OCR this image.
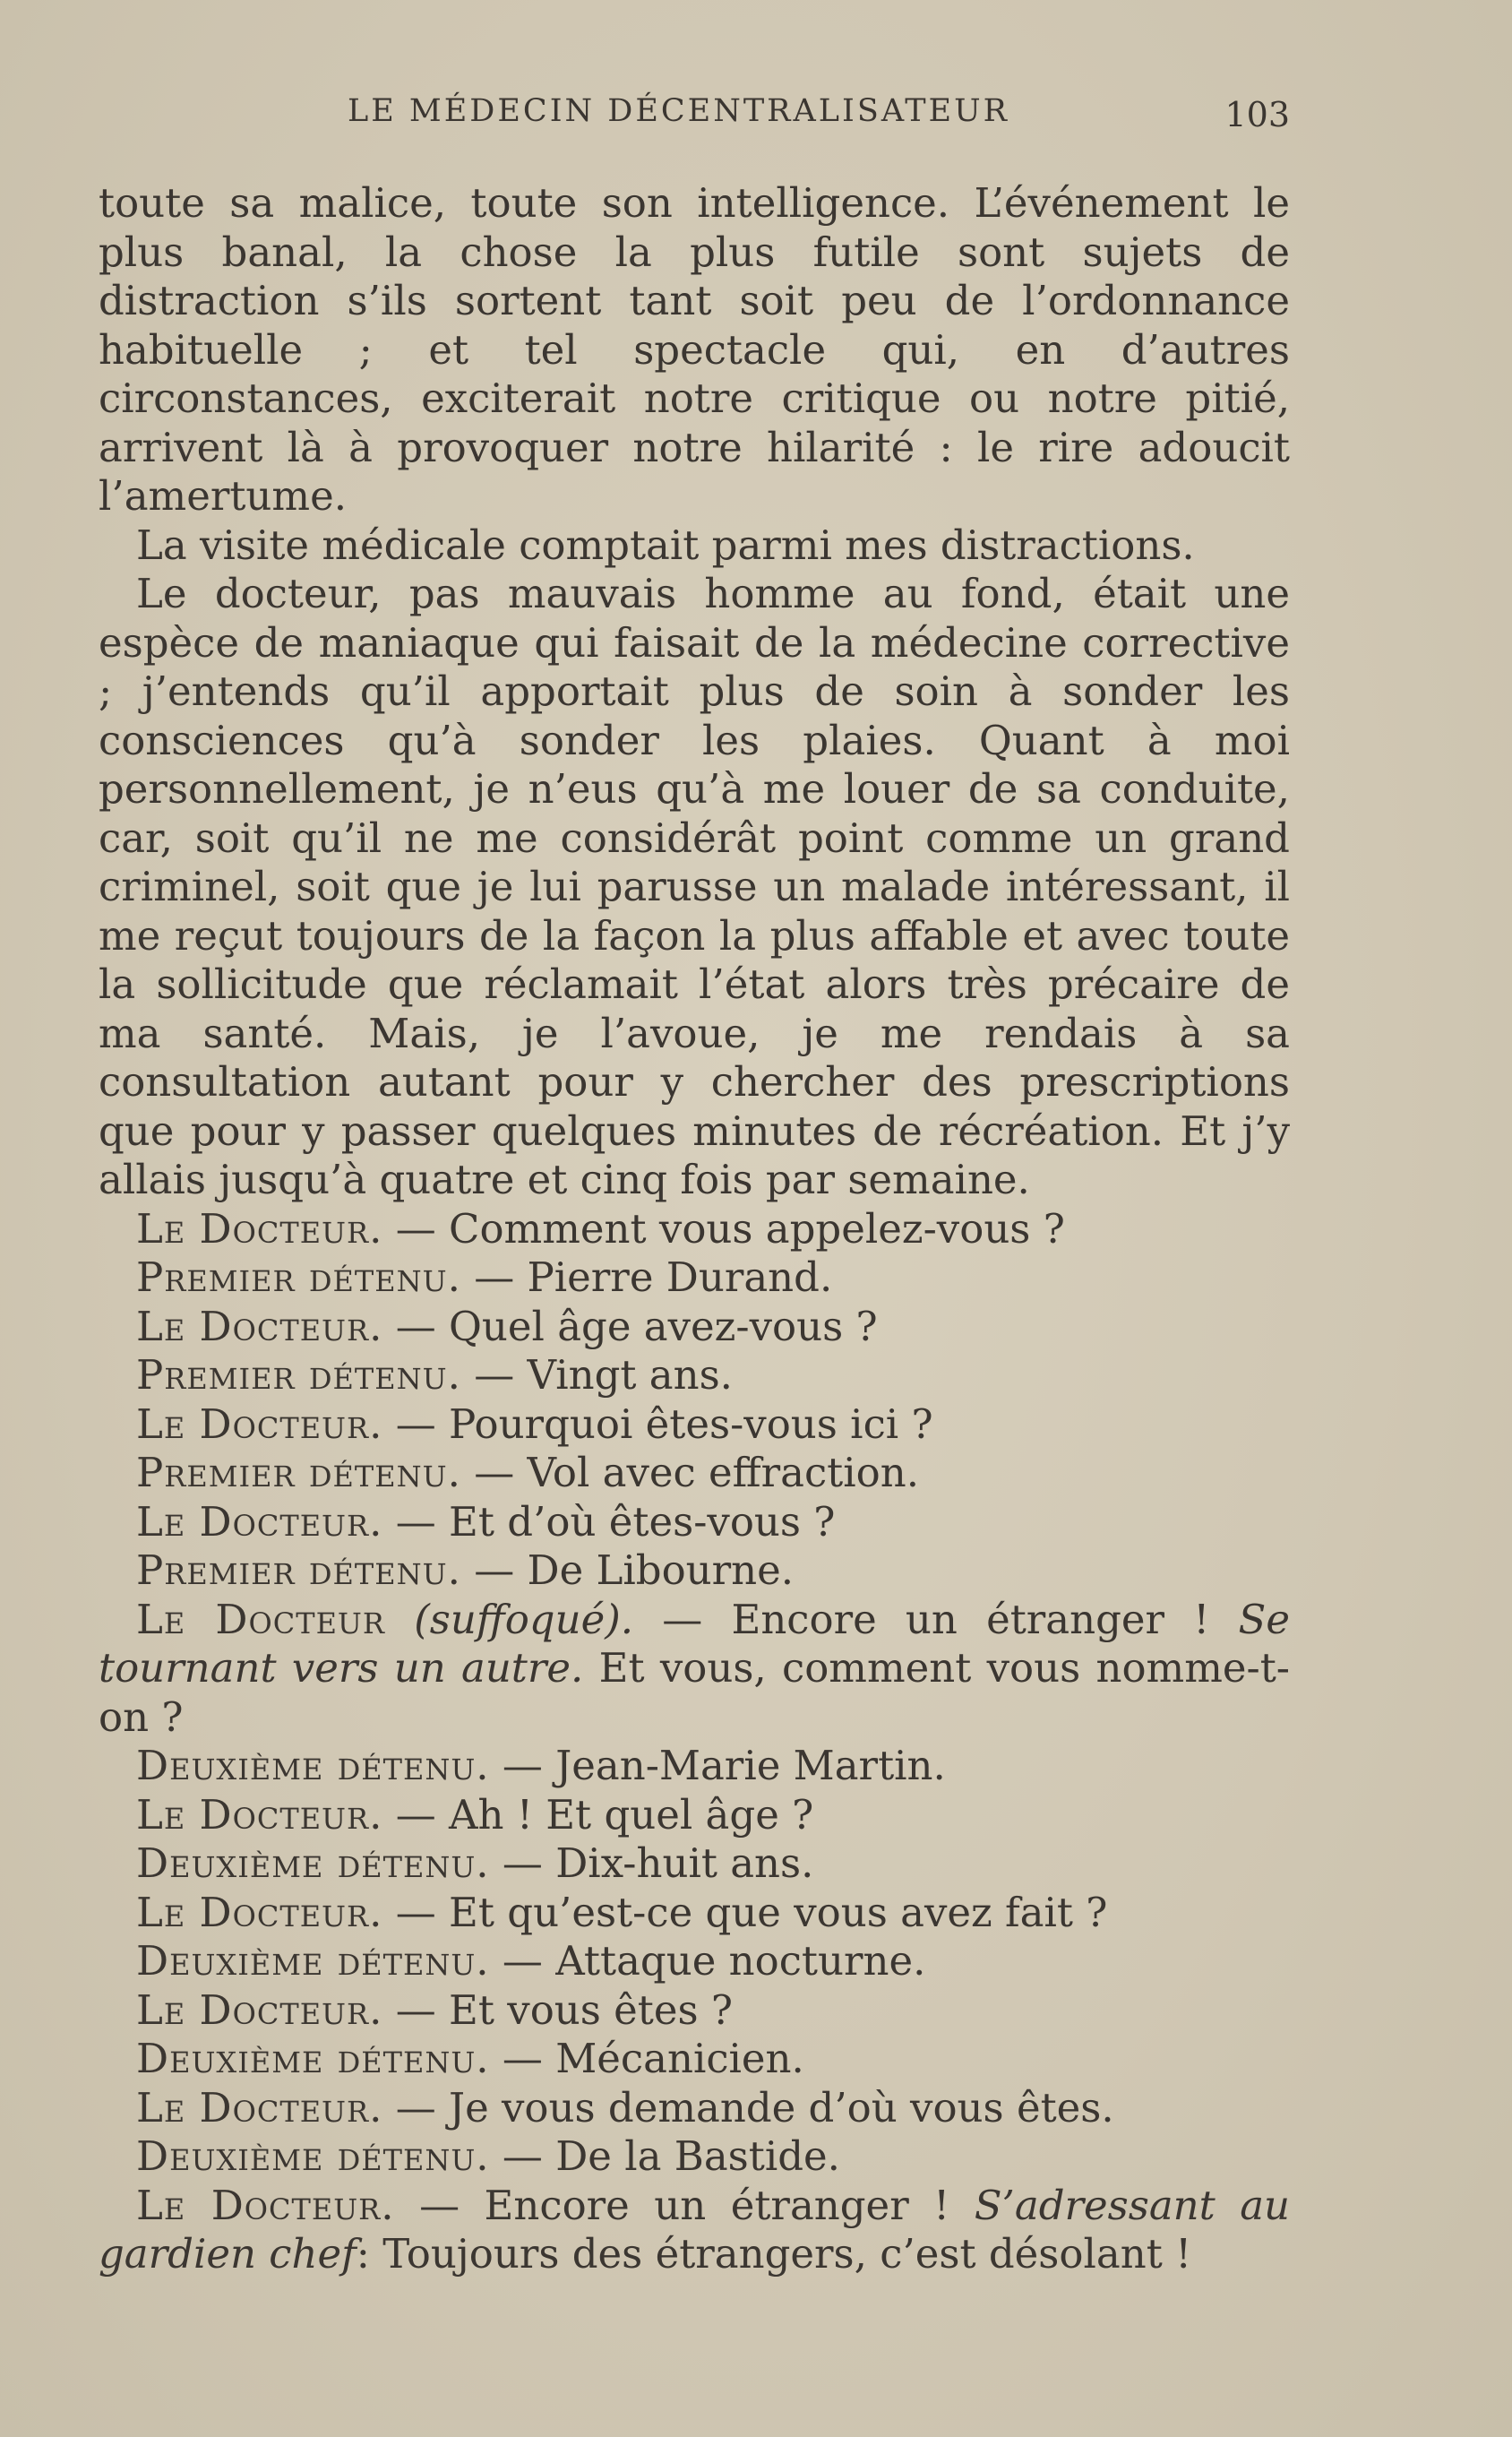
LE MÉDECIN DÉCENTRALISATEUR	103

toute sa malice, toute son intelligence. L’événement le plus banal, la chose la plus futile sont sujets de distraction s’ils sortent tant soit peu de l’ordonnance habituelle ; et tel spectacle qui, en d’autres circonstances, exciterait notre critique ou notre pitié, arrivent là à provoquer notre hilarité : le rire adoucit l’amertume.

La visite médicale comptait parmi mes distractions.

Le docteur, pas mauvais homme au fond, était une espèce de maniaque qui faisait de la médecine corrective ; j’entends qu’il apportait plus de soin à sonder les consciences qu’à sonder les plaies. Quant à moi personnellement, je n’eus qu’à me louer de sa conduite, car, soit qu’il ne me considérât point comme un grand criminel, soit que je lui parusse un malade intéressant, il me reçut toujours de la façon la plus affable et avec toute la sollicitude que réclamait l’état alors très précaire de ma santé. Mais, je l’avoue, je me rendais à sa consultation autant pour y chercher des prescriptions que pour y passer quelques minutes de récréation. Et j’y allais jusqu’à quatre et cinq fois par semaine.

Le Docteur. — Comment vous appelez-vous ?
Premier détenu. — Pierre Durand.
Le Docteur. — Quel âge avez-vous ?
Premier détenu. — Vingt ans.
Le Docteur. — Pourquoi êtes-vous ici ?
Premier détenu. — Vol avec effraction.
Le Docteur. — Et d’où êtes-vous ?
Premier détenu. — De Libourne.

Le Docteur (suffoqué). — Encore un étranger ! Se tournant vers un autre. Et vous, comment vous nomme-t-on ?

Deuxième détenu. — Jean-Marie Martin.
Le Docteur. — Ah ! Et quel âge ?
Deuxième détenu. — Dix-huit ans.
Le Docteur. — Et qu’est-ce que vous avez fait ?
Deuxième détenu. — Attaque nocturne.
Le Docteur. — Et vous êtes ?
Deuxième détenu. — Mécanicien.
Le Docteur. — Je vous demande d’où vous êtes.
Deuxième détenu. — De la Bastide.

Le Docteur. — Encore un étranger ! S’adressant au gardien chef: Toujours des étrangers, c’est désolant !
